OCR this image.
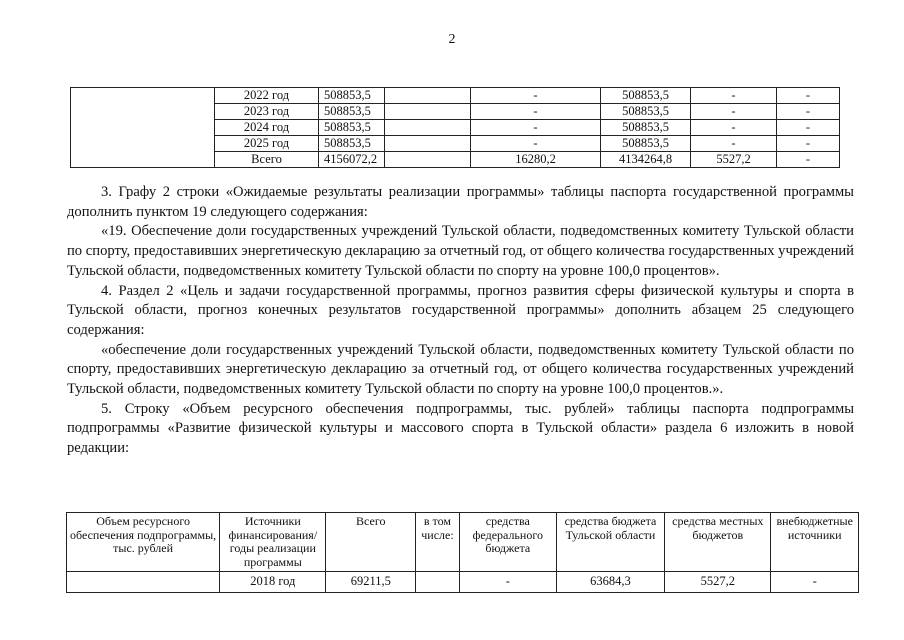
2
	2022 год	508853,5		-	508853,5	-	-
	2023 год	508853,5		-	508853,5	-	-
	2024 год	508853,5		-	508853,5	-	-
	2025 год	508853,5		-	508853,5	-	-
	Всего	4156072,2		16280,2	4134264,8	5527,2	-

3. Графу 2 строки «Ожидаемые результаты реализации программы» таблицы паспорта государственной программы дополнить пунктом 19 следующего содержания:

«19. Обеспечение доли государственных учреждений Тульской области, подведомственных комитету Тульской области по спорту, предоставивших энергетическую декларацию за отчетный год, от общего количества государственных учреждений Тульской области, подведомственных комитету Тульской области по спорту на уровне 100,0 процентов».

4. Раздел 2 «Цель и задачи государственной программы, прогноз развития сферы физической культуры и спорта в Тульской области, прогноз конечных результатов государственной программы» дополнить абзацем 25 следующего содержания:

«обеспечение доли государственных учреждений Тульской области, подведомственных комитету Тульской области по спорту, предоставивших энергетическую декларацию за отчетный год, от общего количества государственных учреждений Тульской области, подведомственных комитету Тульской области по спорту на уровне 100,0 процентов.».

5. Строку «Объем ресурсного обеспечения подпрограммы, тыс. рублей» таблицы паспорта подпрограммы подпрограммы «Развитие физической культуры и массового спорта в Тульской области» раздела 6 изложить в новой редакции:

Объем ресурсного обеспечения подпрограммы, тыс. рублей	Источники финансирования/ годы реализации программы	Всего	в том числе:	средства федерального бюджета	средства бюджета Тульской области	средства местных бюджетов	внебюджетные источники
	2018 год	69211,5		-	63684,3	5527,2	-
